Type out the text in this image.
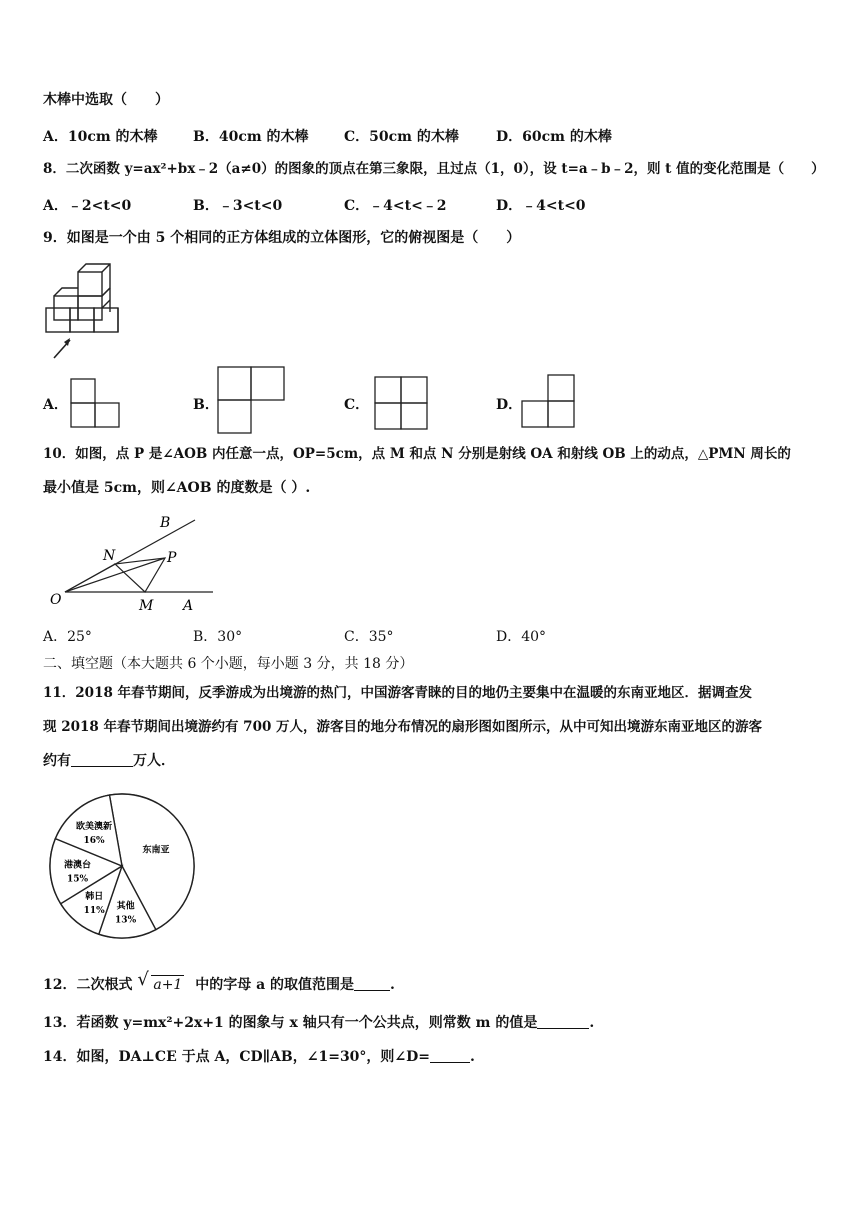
木棒中选取（　　）
A．10cm 的木棒	B．40cm 的木棒	C．50cm 的木棒	D．60cm 的木棒
8．二次函数 y=ax²+bx﹣2（a≠0）的图象的顶点在第三象限，且过点（1，0），设 t=a﹣b﹣2，则 t 值的变化范围是（　　）
A．﹣2<t<0	B．﹣3<t<0	C．﹣4<t<﹣2	D．﹣4<t<0
9．如图是一个由 5 个相同的正方体组成的立体图形，它的俯视图是（　　）
A．	B．	C．	D．
10．如图，点 P 是∠AOB 内任意一点，OP=5cm，点 M 和点 N 分别是射线 OA 和射线 OB 上的动点，△PMN 周长的
最小值是 5cm，则∠AOB 的度数是（ ）.
B
N	P
O	M A
A．25°	B．30°	C．35°	D．40°
二、填空题（本大题共 6 个小题，每小题 3 分，共 18 分）
11．2018 年春节期间，反季游成为出境游的热门，中国游客青睐的目的地仍主要集中在温暖的东南亚地区．据调查发
现 2018 年春节期间出境游约有 700 万人，游客目的地分布情况的扇形图如图所示，从中可知出境游东南亚地区的游客
约有	万人．
东南亚
其他
13%
韩日
11%
港澳台
15%
欧美澳新
16%
12．二次根式 √ a+1 中的字母 a 的取值范围是	.
13．若函数 y=mx²+2x+1 的图象与 x 轴只有一个公共点，则常数 m 的值是	.
14．如图，DA⊥CE 于点 A，CD∥AB，∠1=30°，则∠D=	.
